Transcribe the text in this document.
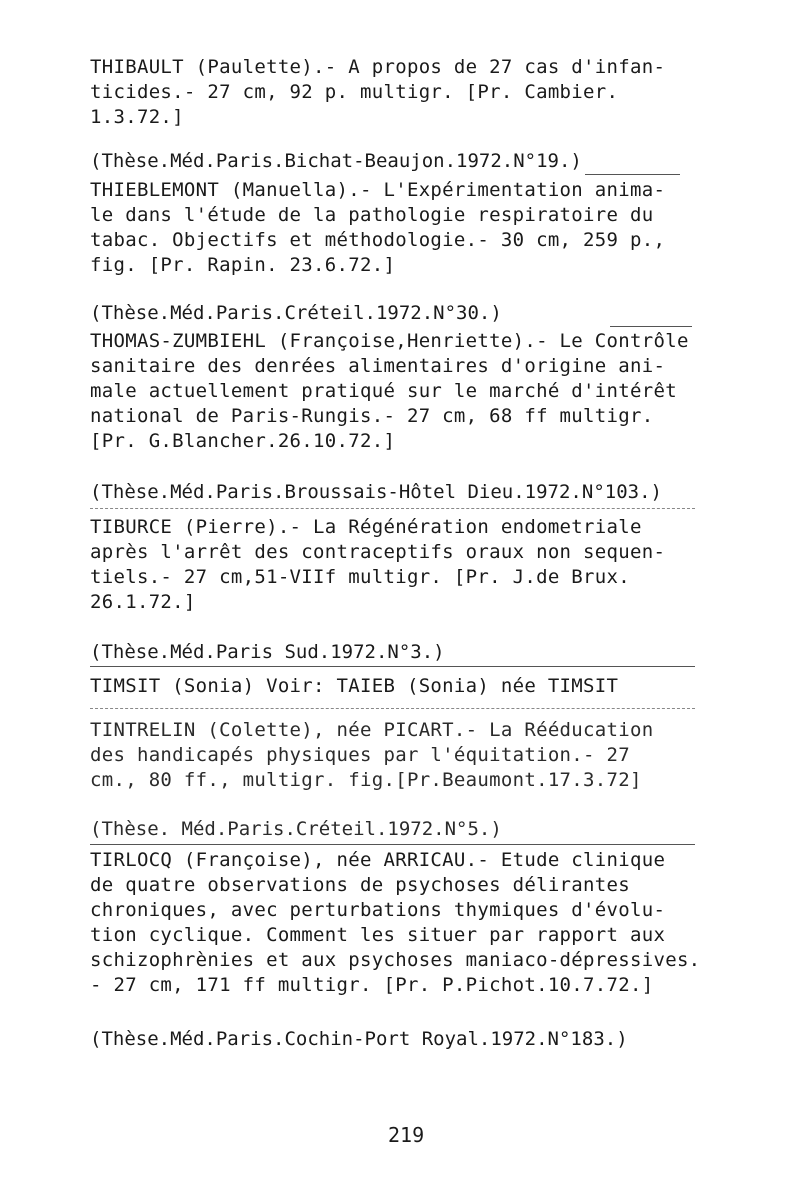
THIBAULT (Paulette).- A propos de 27 cas d'infan-
ticides.- 27 cm, 92 p. multigr. [Pr. Cambier.
1.3.72.]
(Thèse.Méd.Paris.Bichat-Beaujon.1972.N°19.)
THIEBLEMONT (Manuella).- L'Expérimentation anima-
le dans l'étude de la pathologie respiratoire du
tabac. Objectifs et méthodologie.- 30 cm, 259 p.,
fig. [Pr. Rapin. 23.6.72.]
(Thèse.Méd.Paris.Créteil.1972.N°30.)
THOMAS-ZUMBIEHL (Françoise,Henriette).- Le Contrôle
sanitaire des denrées alimentaires d'origine ani-
male actuellement pratiqué sur le marché d'intérêt
national de Paris-Rungis.- 27 cm, 68 ff multigr.
[Pr. G.Blancher.26.10.72.]
(Thèse.Méd.Paris.Broussais-Hôtel Dieu.1972.N°103.)
TIBURCE (Pierre).- La Régénération endometriale
après l'arrêt des contraceptifs oraux non sequen-
tiels.- 27 cm,51-VIIf multigr. [Pr. J.de Brux.
26.1.72.]
(Thèse.Méd.Paris Sud.1972.N°3.)
TIMSIT (Sonia) Voir: TAIEB (Sonia) née TIMSIT
TINTRELIN (Colette), née PICART.- La Rééducation
des handicapés physiques par l'équitation.- 27
cm., 80 ff., multigr. fig.[Pr.Beaumont.17.3.72]
(Thèse. Méd.Paris.Créteil.1972.N°5.)
TIRLOCQ (Françoise), née ARRICAU.- Etude clinique
de quatre observations de psychoses délirantes
chroniques, avec perturbations thymiques d'évolu-
tion cyclique. Comment les situer par rapport aux
schizophrènies et aux psychoses maniaco-dépressives.
- 27 cm, 171 ff multigr. [Pr. P.Pichot.10.7.72.]
(Thèse.Méd.Paris.Cochin-Port Royal.1972.N°183.)
219
